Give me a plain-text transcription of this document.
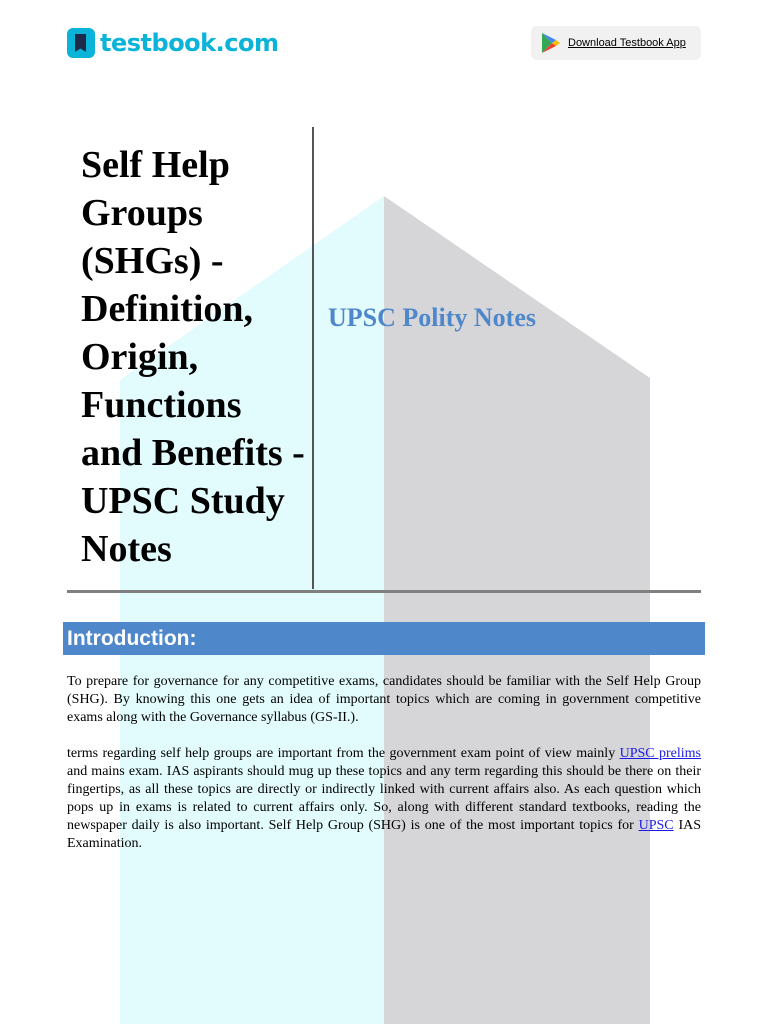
testbook.com	Download Testbook App
Self Help Groups (SHGs) - Definition, Origin, Functions and Benefits - UPSC Study Notes
UPSC Polity Notes
Introduction:

To prepare for governance for any competitive exams, candidates should be familiar with the Self Help Group (SHG). By knowing this one gets an idea of important topics which are coming in government competitive exams along with the Governance syllabus (GS-II.).

terms regarding self help groups are important from the government exam point of view mainly UPSC prelims and mains exam. IAS aspirants should mug up these topics and any term regarding this should be there on their fingertips, as all these topics are directly or indirectly linked with current affairs also. As each question which pops up in exams is related to current affairs only. So, along with different standard textbooks, reading the newspaper daily is also important. Self Help Group (SHG) is one of the most important topics for UPSC IAS Examination.
